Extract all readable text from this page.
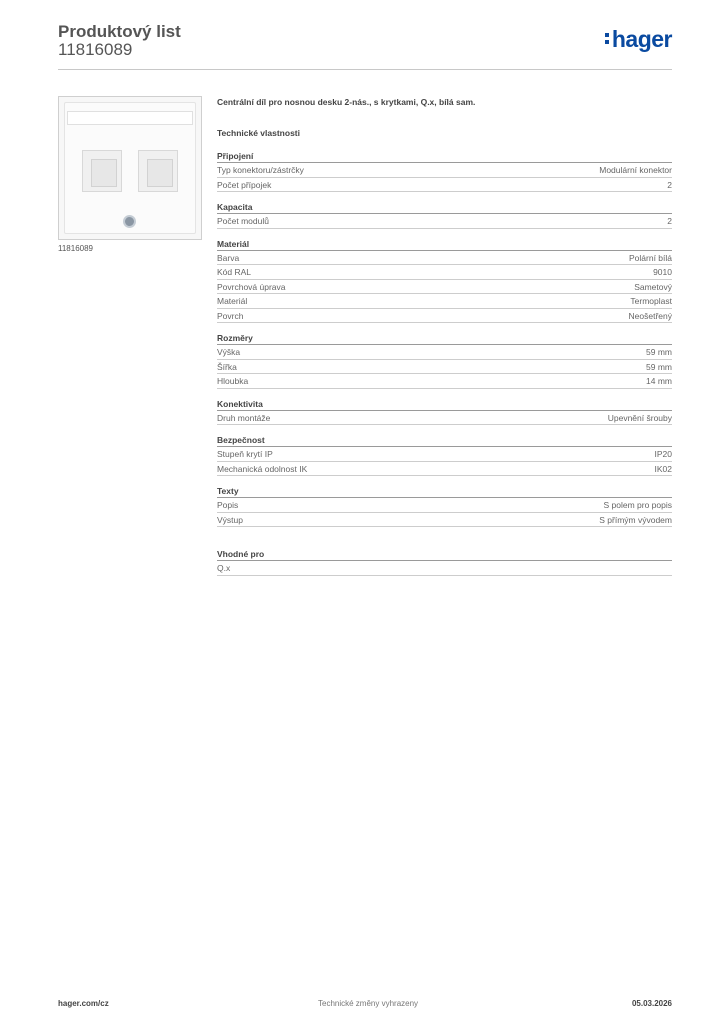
Produktový list
11816089	hager
11816089
Centrální díl pro nosnou desku 2-nás., s krytkami, Q.x, bílá sam.
Technické vlastnosti
Připojení
Typ konektoru/zástrčky	Modulární konektor
Počet přípojek	2
Kapacita
Počet modulů	2
Materiál
Barva	Polární bílá
Kód RAL	9010
Povrchová úprava	Sametový
Materiál	Termoplast
Povrch	Neošetřený
Rozměry
Výška	59 mm
Šířka	59 mm
Hloubka	14 mm
Konektivita
Druh montáže	Upevnění šrouby
Bezpečnost
Stupeň krytí IP	IP20
Mechanická odolnost IK	IK02
Texty
Popis	S polem pro popis
Výstup	S přímým vývodem
Vhodné pro
Q.x
hager.com/cz	Technické změny vyhrazeny	05.03.2026
